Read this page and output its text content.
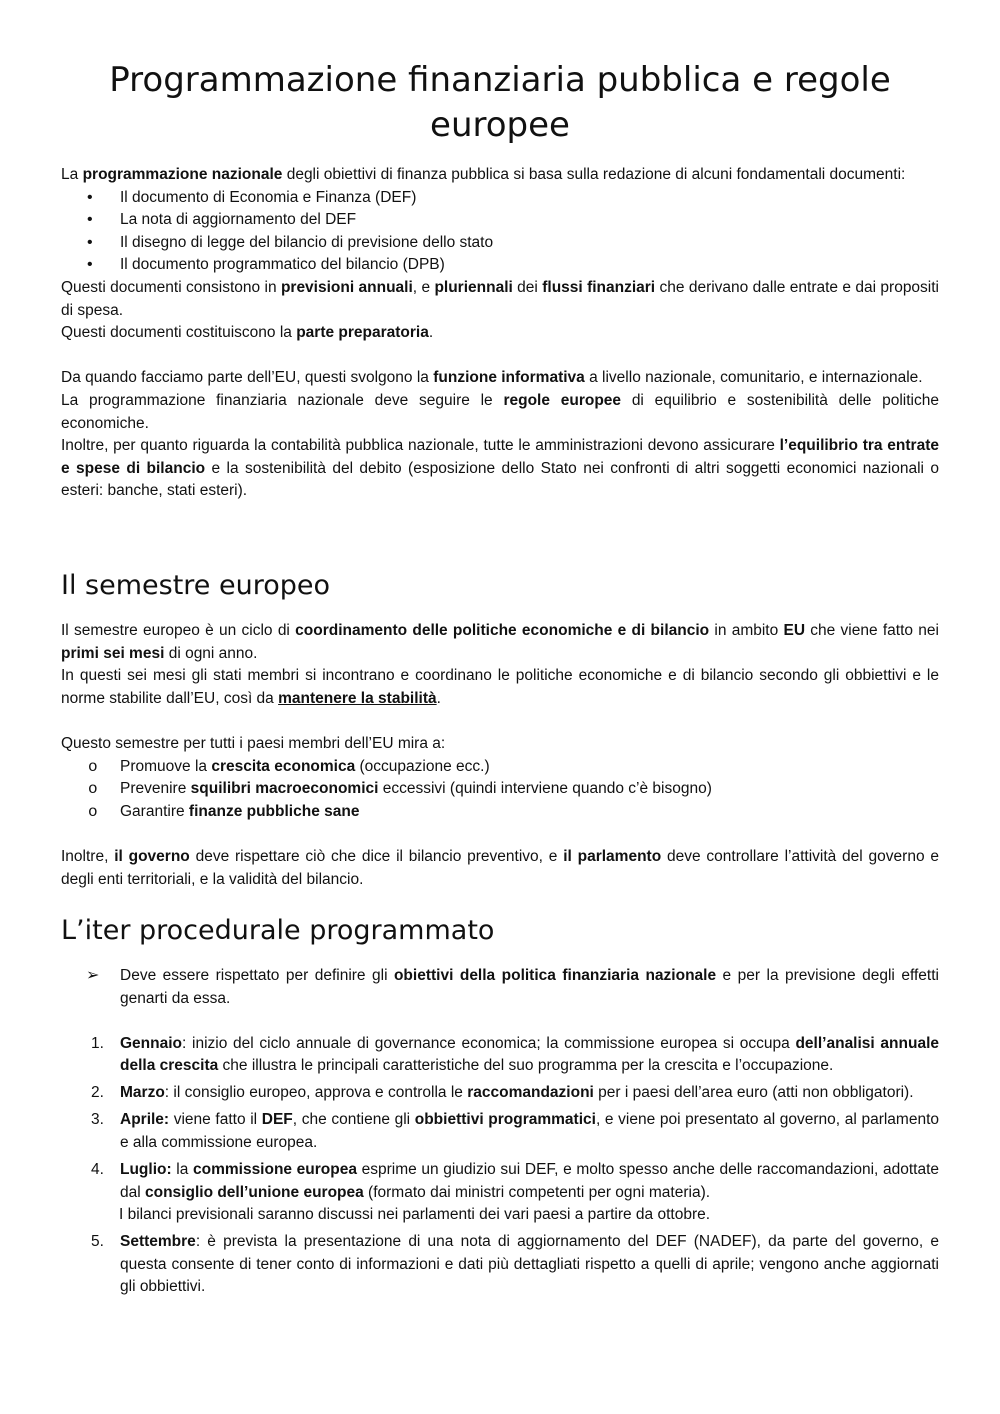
Programmazione finanziaria pubblica e regole europee

La programmazione nazionale degli obiettivi di finanza pubblica si basa sulla redazione di alcuni fondamentali documenti:

•
Il documento di Economia e Finanza (DEF)
•
La nota di aggiornamento del DEF
•
Il disegno di legge del bilancio di previsione dello stato
•
Il documento programmatico del bilancio (DPB)

Questi documenti consistono in previsioni annuali, e pluriennali dei flussi finanziari che derivano dalle entrate e dai propositi di spesa.

Questi documenti costituiscono la parte preparatoria.

Da quando facciamo parte dell’EU, questi svolgono la funzione informativa a livello nazionale, comunitario, e internazionale.

La programmazione finanziaria nazionale deve seguire le regole europee di equilibrio e sostenibilità delle politiche economiche.

Inoltre, per quanto riguarda la contabilità pubblica nazionale, tutte le amministrazioni devono assicurare l’equilibrio tra entrate e spese di bilancio e la sostenibilità del debito (esposizione dello Stato nei confronti di altri soggetti economici nazionali o esteri: banche, stati esteri).

Il semestre europeo

Il semestre europeo è un ciclo di coordinamento delle politiche economiche e di bilancio in ambito EU che viene fatto nei primi sei mesi di ogni anno.

In questi sei mesi gli stati membri si incontrano e coordinano le politiche economiche e di bilancio secondo gli obbiettivi e le norme stabilite dall’EU, così da mantenere la stabilità.

Questo semestre per tutti i paesi membri dell’EU mira a:

o Promuove la crescita economica (occupazione ecc.)
o Prevenire squilibri macroeconomici eccessivi (quindi interviene quando c’è bisogno)
o Garantire finanze pubbliche sane

Inoltre, il governo deve rispettare ciò che dice il bilancio preventivo, e il parlamento deve controllare l’attività del governo e degli enti territoriali, e la validità del bilancio.

L’iter procedurale programmato
➢ Deve essere rispettato per definire gli obiettivi della politica finanziaria nazionale e per la previsione degli effetti genarti da essa.
1. Gennaio: inizio del ciclo annuale di governance economica; la commissione europea si occupa dell’analisi annuale della crescita che illustra le principali caratteristiche del suo programma per la crescita e l’occupazione.
2. Marzo: il consiglio europeo, approva e controlla le raccomandazioni per i paesi dell’area euro (atti non obbligatori).
3. Aprile: viene fatto il DEF, che contiene gli obbiettivi programmatici, e viene poi presentato al governo, al parlamento e alla commissione europea.
4. Luglio: la commissione europea esprime un giudizio sui DEF, e molto spesso anche delle raccomandazioni, adottate dal consiglio dell’unione europea (formato dai ministri competenti per ogni materia).
I bilanci previsionali saranno discussi nei parlamenti dei vari paesi a partire da ottobre.
5. Settembre: è prevista la presentazione di una nota di aggiornamento del DEF (NADEF), da parte del governo, e questa consente di tener conto di informazioni e dati più dettagliati rispetto a quelli di aprile; vengono anche aggiornati gli obbiettivi.
